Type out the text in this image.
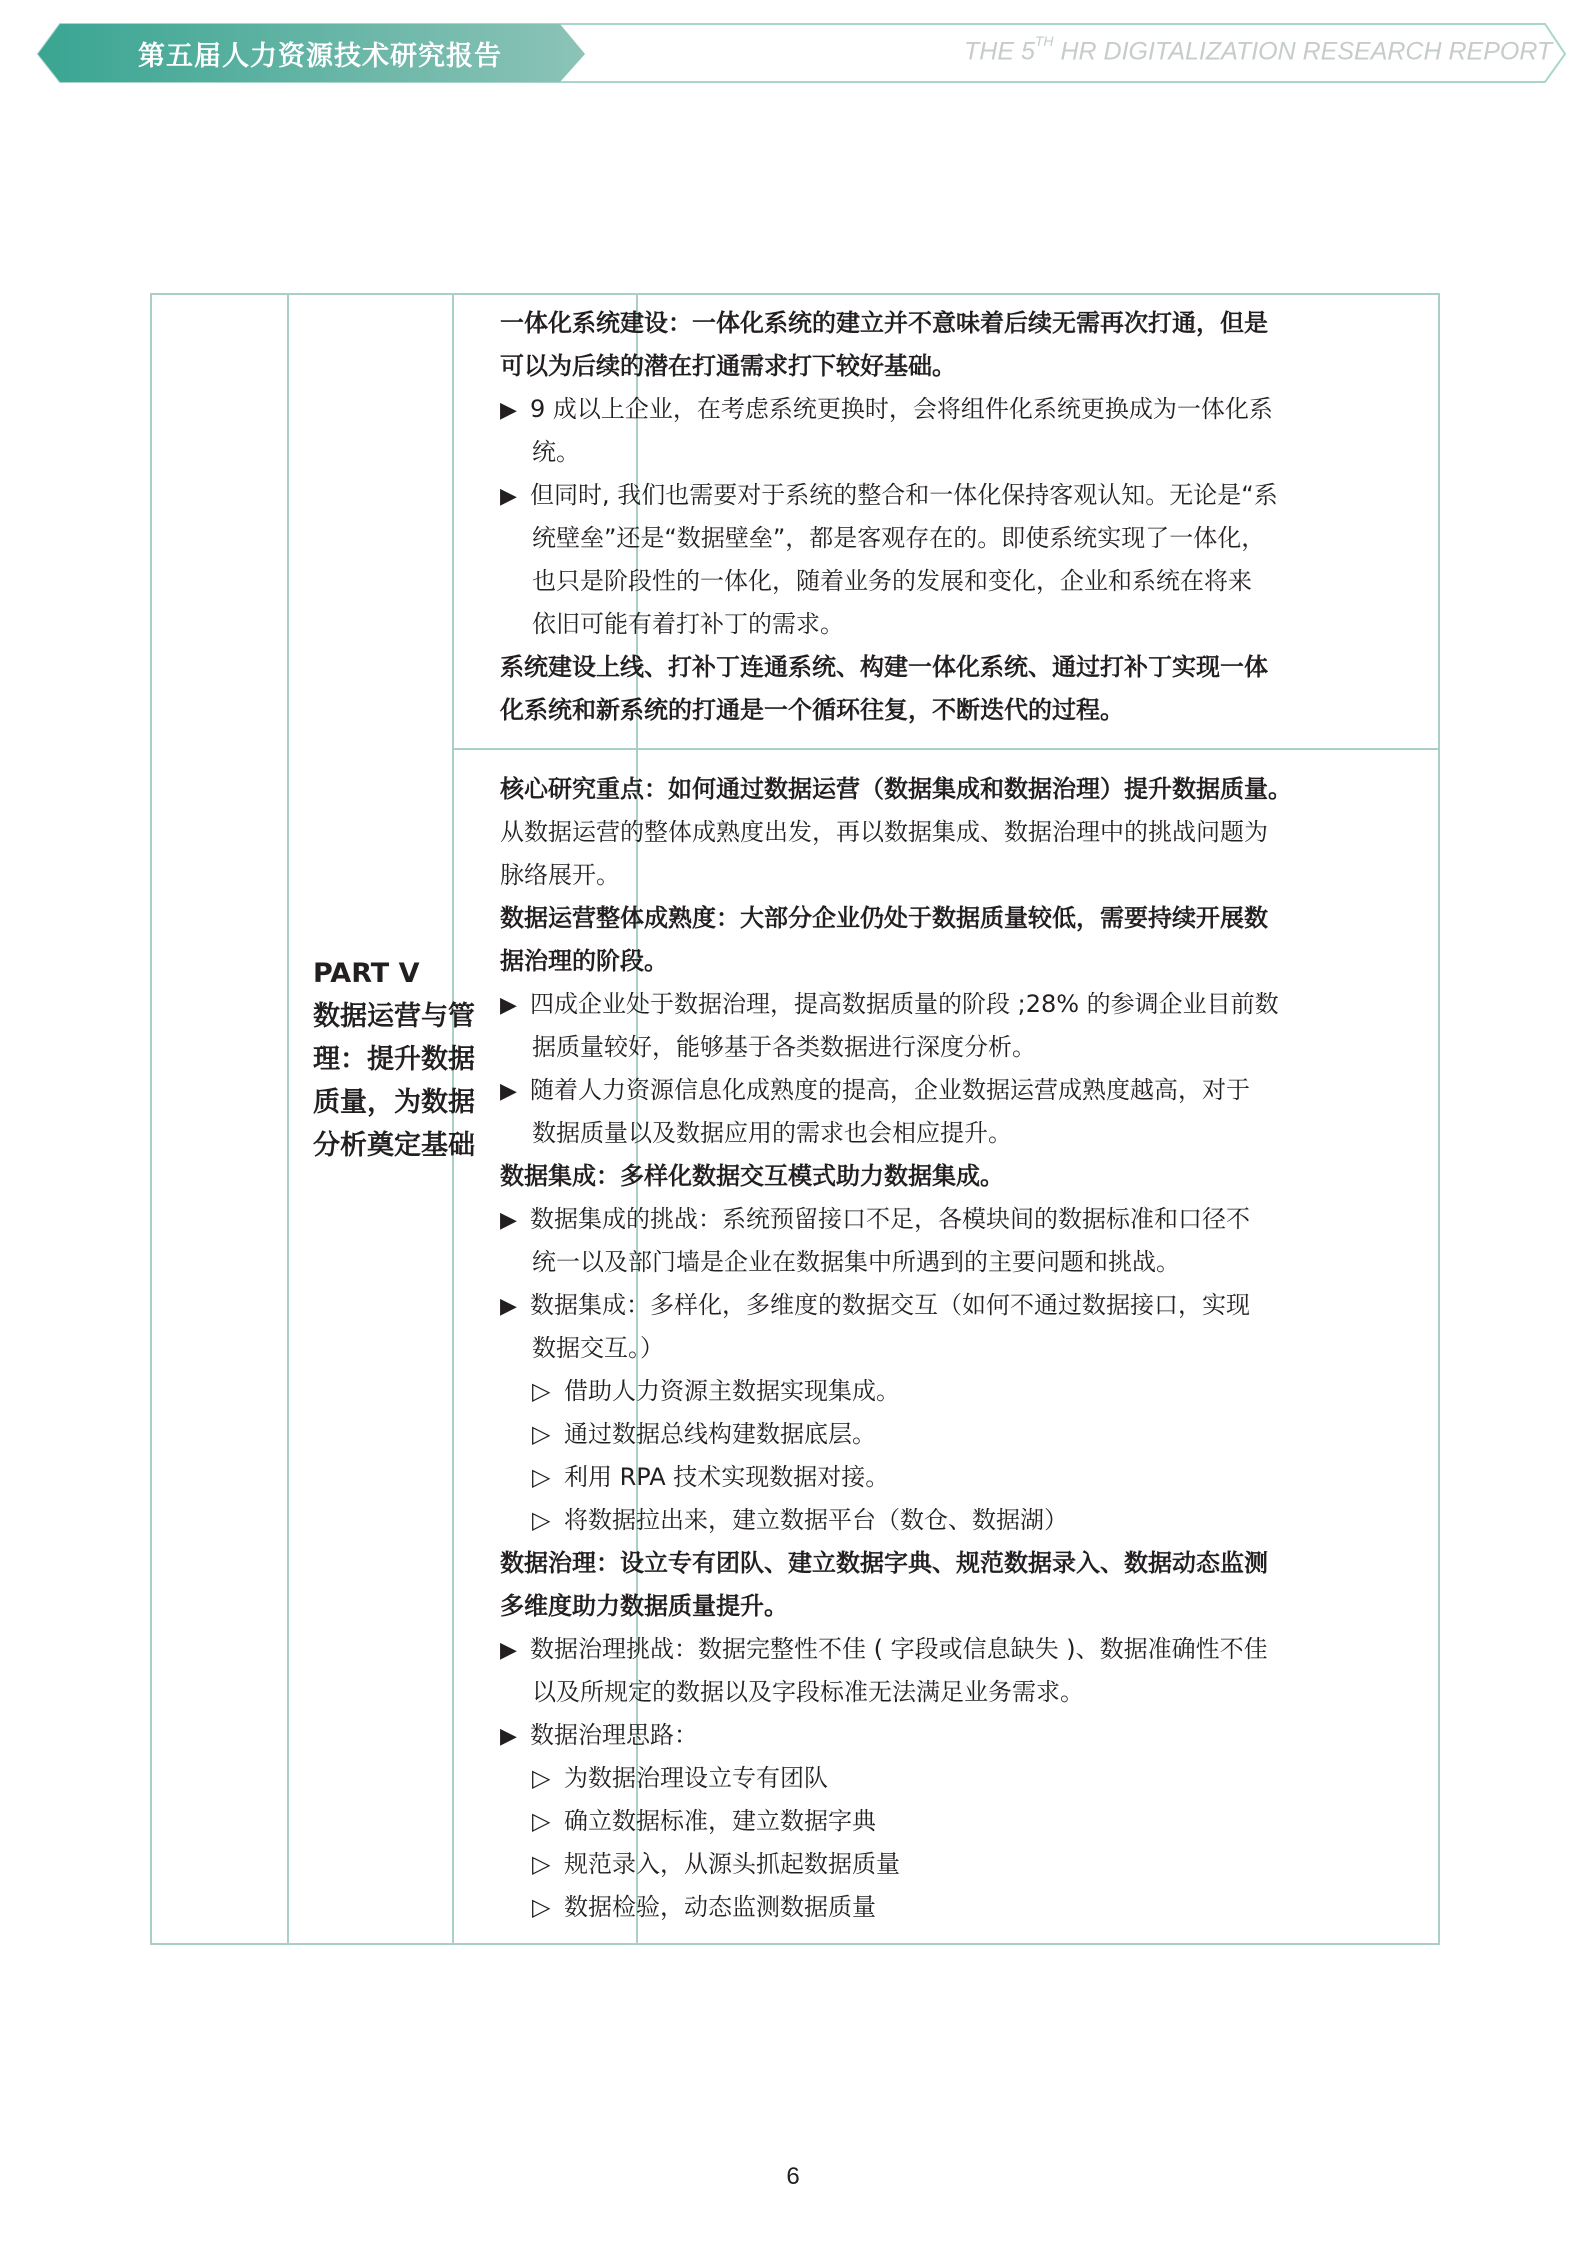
第五届人力资源技术研究报告	THE 5TH HR DIGITALIZATION RESEARCH REPORT
PART V
数据运营与管
理：提升数据
质量，为数据
分析奠定基础
一体化系统建设：一体化系统的建立并不意味着后续无需再次打通，但是
可以为后续的潜在打通需求打下较好基础。
▶ 9 成以上企业，在考虑系统更换时，会将组件化系统更换成为一体化系
统。
▶ 但同时, 我们也需要对于系统的整合和一体化保持客观认知。无论是“系
统壁垒”还是“数据壁垒”，都是客观存在的。即使系统实现了一体化，
也只是阶段性的一体化，随着业务的发展和变化，企业和系统在将来
依旧可能有着打补丁的需求。
系统建设上线、打补丁连通系统、构建一体化系统、通过打补丁实现一体
化系统和新系统的打通是一个循环往复，不断迭代的过程。
核心研究重点：如何通过数据运营（数据集成和数据治理）提升数据质量。
从数据运营的整体成熟度出发，再以数据集成、数据治理中的挑战问题为
脉络展开。
数据运营整体成熟度：大部分企业仍处于数据质量较低，需要持续开展数
据治理的阶段。
▶ 四成企业处于数据治理，提高数据质量的阶段 ;28% 的参调企业目前数
据质量较好，能够基于各类数据进行深度分析。
▶ 随着人力资源信息化成熟度的提高，企业数据运营成熟度越高，对于
数据质量以及数据应用的需求也会相应提升。
数据集成：多样化数据交互模式助力数据集成。
▶ 数据集成的挑战：系统预留接口不足，各模块间的数据标准和口径不
统一以及部门墙是企业在数据集中所遇到的主要问题和挑战。
▶ 数据集成：多样化，多维度的数据交互（如何不通过数据接口，实现
数据交互。）
▷ 借助人力资源主数据实现集成。
▷ 通过数据总线构建数据底层。
▷ 利用 RPA 技术实现数据对接。
▷ 将数据拉出来，建立数据平台（数仓、数据湖）
数据治理：设立专有团队、建立数据字典、规范数据录入、数据动态监测
多维度助力数据质量提升。
▶ 数据治理挑战：数据完整性不佳 ( 字段或信息缺失 )、数据准确性不佳
以及所规定的数据以及字段标准无法满足业务需求。
▶ 数据治理思路：
▷ 为数据治理设立专有团队
▷ 确立数据标准，建立数据字典
▷ 规范录入，从源头抓起数据质量
▷ 数据检验，动态监测数据质量
6
